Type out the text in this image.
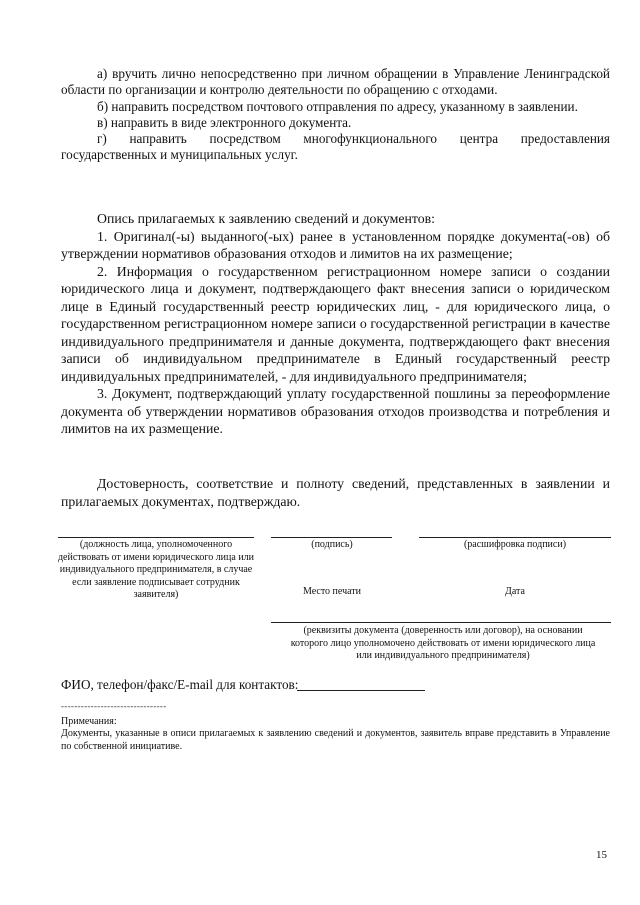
а) вручить лично непосредственно при личном обращении в Управление Ленинградской области по организации и контролю деятельности по обращению с отходами.

б) направить посредством почтового отправления по адресу, указанному в заявлении.

в) направить в виде электронного документа.

г) направить посредством многофункционального центра предоставления государственных и муниципальных услуг.

Опись прилагаемых к заявлению сведений и документов:

1. Оригинал(-ы) выданного(-ых) ранее в установленном порядке документа(-ов) об утверждении нормативов образования отходов и лимитов на их размещение;

2. Информация о государственном регистрационном номере записи о создании юридического лица и документ, подтверждающего факт внесения записи о юридическом лице в Единый государственный реестр юридических лиц, - для юридического лица, о государственном регистрационном номере записи о государственной регистрации в качестве индивидуального предпринимателя и данные документа, подтверждающего факт внесения записи об индивидуальном предпринимателе в Единый государственный реестр индивидуальных предпринимателей, - для индивидуального предпринимателя;

3. Документ, подтверждающий уплату государственной пошлины за переоформление документа об утверждении нормативов образования отходов производства и потребления и лимитов на их размещение.

Достоверность, соответствие и полноту сведений, представленных в заявлении и прилагаемых документах, подтверждаю.

(должность лица, уполномоченного действовать от имени юридического лица или индивидуального предпринимателя, в случае если заявление подписывает сотрудник заявителя)

(подпись)	(расшифровка подписи)

Место печати	Дата

(реквизиты документа (доверенность или договор), на основании которого лицо уполномочено действовать от имени юридического лица или индивидуального предпринимателя)

ФИО, телефон/факс/E-mail для контактов:
--------------------------------

Примечания:

Документы, указанные в описи прилагаемых к заявлению сведений и документов, заявитель вправе представить в Управление по собственной инициативе.

15
